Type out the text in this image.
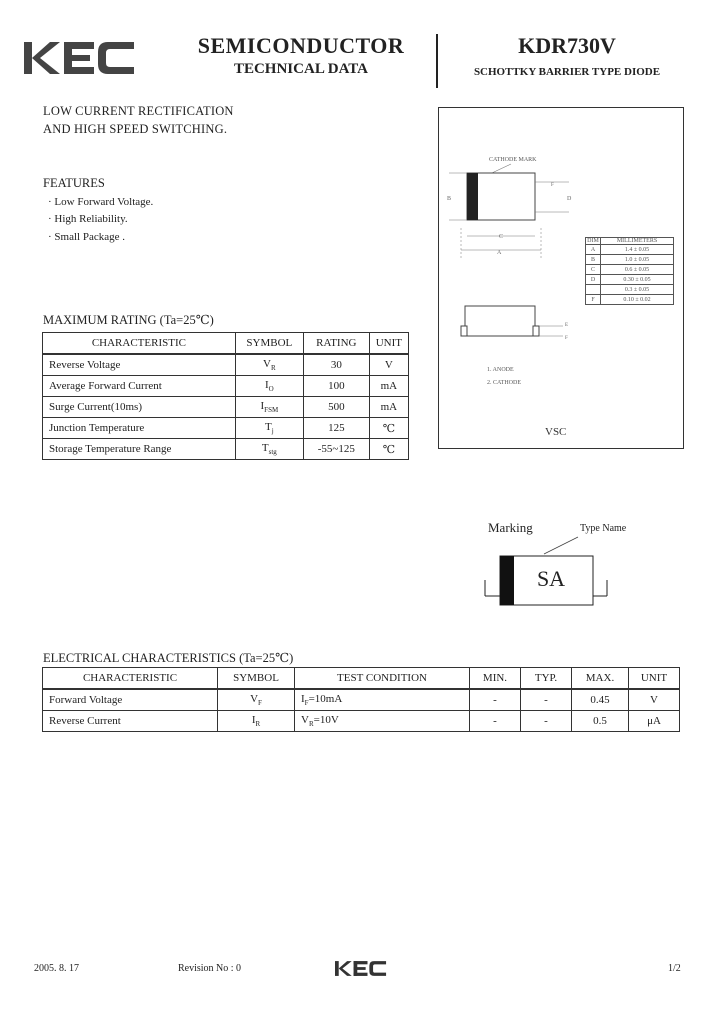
SEMICONDUCTOR
TECHNICAL DATA
KDR730V
SCHOTTKY BARRIER TYPE DIODE
LOW CURRENT RECTIFICATION
AND HIGH SPEED SWITCHING.
FEATURES
· Low Forward Voltage.
· High Reliability.
· Small Package .
MAXIMUM RATING (Ta=25℃)
CHARACTERISTIC	SYMBOL	RATING	UNIT
Reverse Voltage	$V_R$	30	V
Average Forward Current	$I_O$	100	mA
Surge Current(10ms)	$I_{FSM}$	500	mA
Junction Temperature	$T_j$	125	℃
Storage Temperature Range	$T_{stg}$	-55~125	℃
CATHODE MARK
B	D
F
C
A
E
F
1. ANODE
2. CATHODE
VSC
DIM	MILLIMETERS
A	1.4 ± 0.05
B	1.0 ± 0.05
C	0.6 ± 0.05
D	0.30 ± 0.05
	0.3 ± 0.05
F	0.10 ± 0.02
Marking	Type Name
SA
ELECTRICAL CHARACTERISTICS (Ta=25℃)
CHARACTERISTIC	SYMBOL	TEST CONDITION	MIN.	TYP.	MAX.	UNIT
Forward Voltage	$V_F$	$I_F=10mA$	-	-	0.45	V
Reverse Current	$I_R$	$V_R=10V$	-	-	0.5	μA
2005. 8. 17	Revision No : 0	1/2
